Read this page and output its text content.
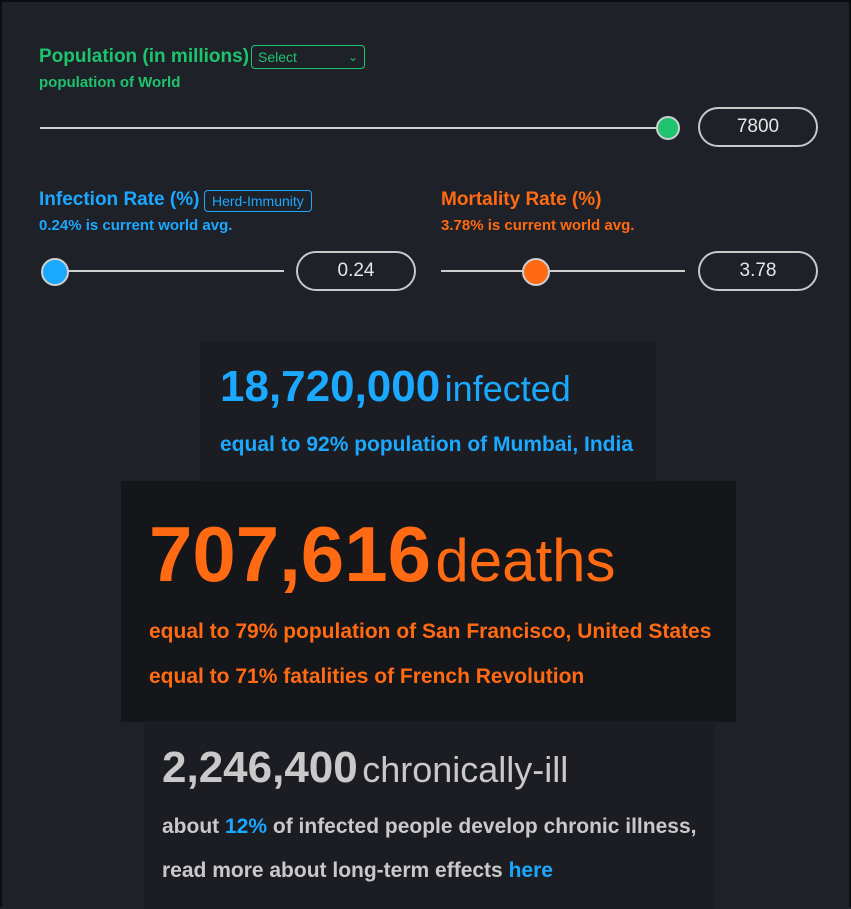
Population (in millions) Select	⌄
population of World
7800
Infection Rate (%) Herd-Immunity
0.24% is current world avg.
0.24
Mortality Rate (%)
3.78% is current world avg.
3.78
18,720,000 infected
equal to 92% population of Mumbai, India
707,616 deaths
equal to 79% population of San Francisco, United States
equal to 71% fatalities of French Revolution
2,246,400 chronically-ill
about 12% of infected people develop chronic illness,
read more about long-term effects here
